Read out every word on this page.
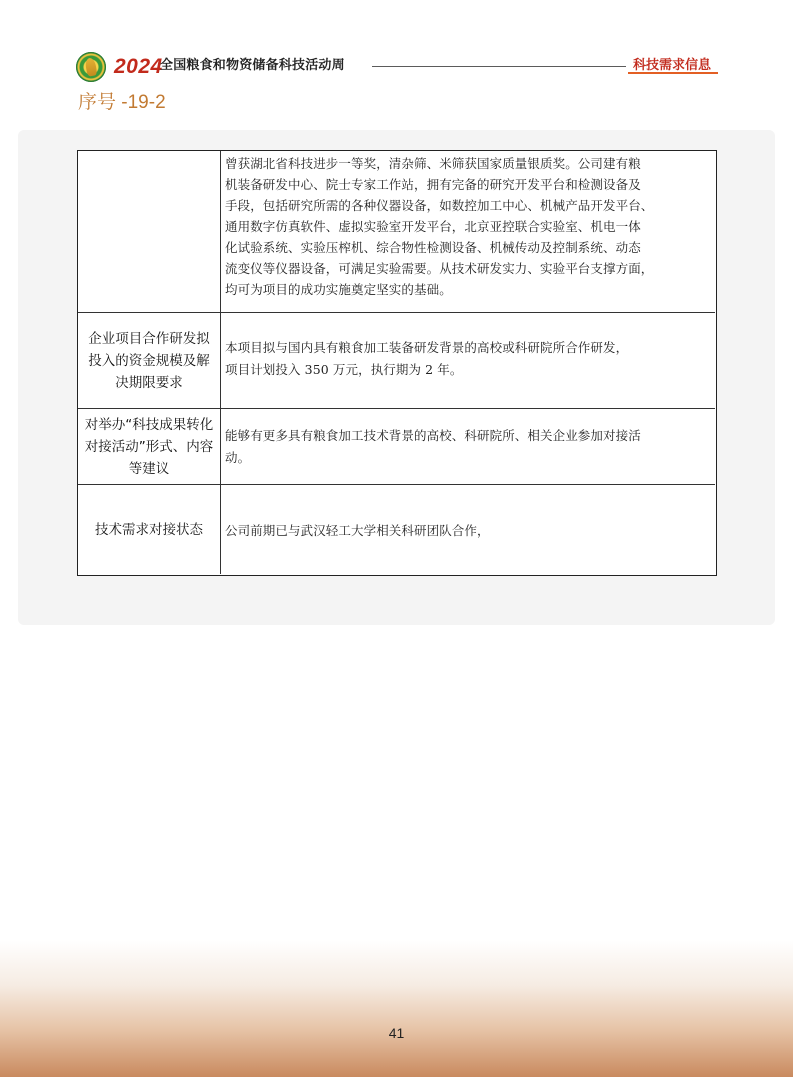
2024
全国粮食和物资储备科技活动周	科技需求信息
序号 -19-2
曾获湖北省科技进步一等奖，清杂筛、米筛获国家质量银质奖。公司建有粮
机装备研发中心、院士专家工作站，拥有完备的研究开发平台和检测设备及
手段，包括研究所需的各种仪器设备，如数控加工中心、机械产品开发平台、
通用数字仿真软件、虚拟实验室开发平台，北京亚控联合实验室、机电一体
化试验系统、实验压榨机、综合物性检测设备、机械传动及控制系统、动态
流变仪等仪器设备，可满足实验需要。从技术研发实力、实验平台支撑方面，
均可为项目的成功实施奠定坚实的基础。
企业项目合作研发拟投入的资金规模及解决期限要求
本项目拟与国内具有粮食加工装备研发背景的高校或科研院所合作研发，
项目计划投入 350 万元，执行期为 2 年。
对举办“科技成果转化对接活动”形式、内容等建议
能够有更多具有粮食加工技术背景的高校、科研院所、相关企业参加对接活
动。
技术需求对接状态	公司前期已与武汉轻工大学相关科研团队合作，
41
